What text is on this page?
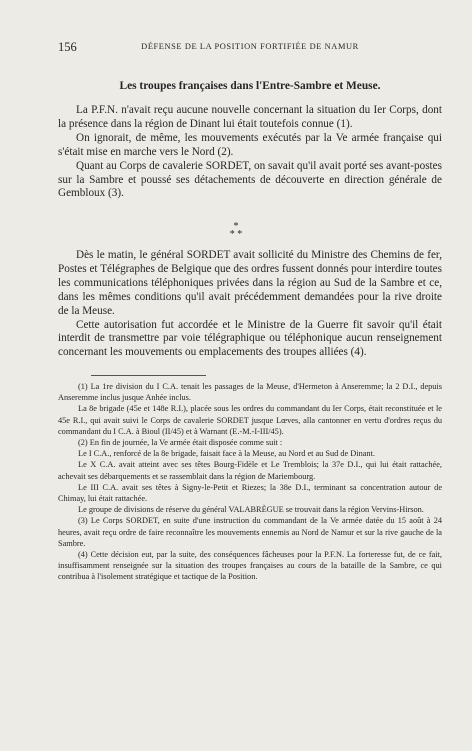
156	DÉFENSE DE LA POSITION FORTIFIÉE DE NAMUR
Les troupes françaises dans l'Entre-Sambre et Meuse.

La P.F.N. n'avait reçu aucune nouvelle concernant la situation du Ier Corps, dont la présence dans la région de Dinant lui était toutefois connue (1).

On ignorait, de même, les mouvements exécutés par la Ve armée française qui s'était mise en marche vers le Nord (2).

Quant au Corps de cavalerie SORDET, on savait qu'il avait porté ses avant-postes sur la Sambre et poussé ses détachements de découverte en direction générale de Gembloux (3).

*
* *

Dès le matin, le général SORDET avait sollicité du Ministre des Chemins de fer, Postes et Télégraphes de Belgique que des ordres fussent donnés pour interdire toutes les communications téléphoniques privées dans la région au Sud de la Sambre et ce, dans les mêmes conditions qu'il avait précédemment demandées pour la rive droite de la Meuse.

Cette autorisation fut accordée et le Ministre de la Guerre fit savoir qu'il était interdit de transmettre par voie télégraphique ou téléphonique aucun renseignement concernant les mouvements ou emplacements des troupes alliées (4).

(1) La 1re division du I C.A. tenait les passages de la Meuse, d'Hermeton à Anseremme; la 2 D.I., depuis Anseremme inclus jusque Anhée inclus.

La 8e brigade (45e et 148e R.I.), placée sous les ordres du commandant du Ier Corps, était reconstituée et le 45e R.I., qui avait suivi le Corps de cavalerie SORDET jusque Lœves, alla cantonner en vertu d'ordres reçus du commandant du I C.A. à Bioul (II/45) et à Warnant (E.-M.-I-III/45).

(2) En fin de journée, la Ve armée était disposée comme suit :

Le I C.A., renforcé de la 8e brigade, faisait face à la Meuse, au Nord et au Sud de Dinant.

Le X C.A. avait atteint avec ses têtes Bourg-Fidèle et Le Tremblois; la 37e D.I., qui lui était rattachée, achevait ses débarquements et se rassemblait dans la région de Mariembourg.

Le III C.A. avait ses têtes à Signy-le-Petit et Riezes; la 38e D.I., terminant sa concentration autour de Chimay, lui était rattachée.

Le groupe de divisions de réserve du général VALABRÈGUE se trouvait dans la région Vervins-Hirson.

(3) Le Corps SORDET, en suite d'une instruction du commandant de la Ve armée datée du 15 août à 24 heures, avait reçu ordre de faire reconnaître les mouvements ennemis au Nord de Namur et sur la rive gauche de la Sambre.

(4) Cette décision eut, par la suite, des conséquences fâcheuses pour la P.F.N. La forteresse fut, de ce fait, insuffisamment renseignée sur la situation des troupes françaises au cours de la bataille de la Sambre, ce qui contribua à l'isolement stratégique et tactique de la Position.
